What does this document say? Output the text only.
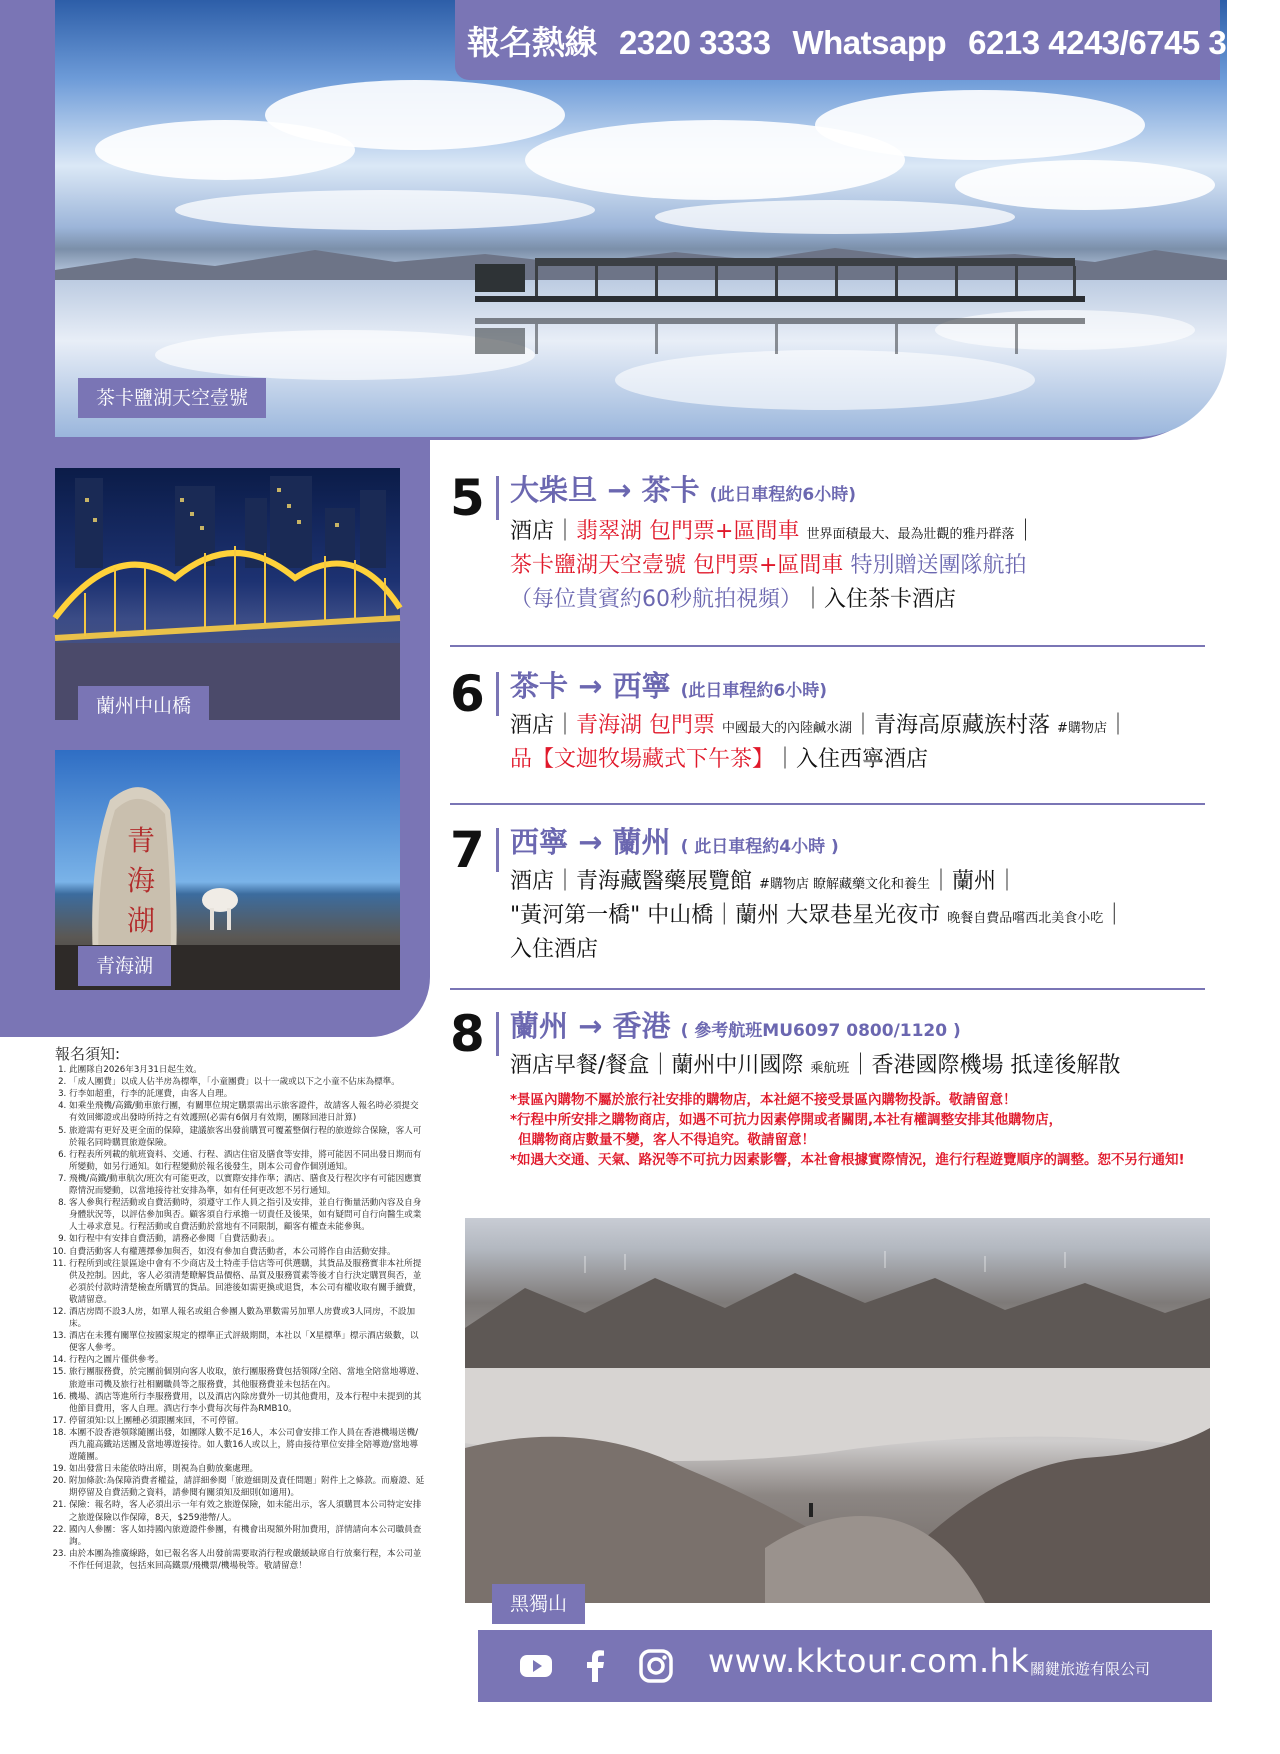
報名熱線 2320 3333 Whatsapp 6213 4243/6745 3024
茶卡鹽湖天空壹號
蘭州中山橋
青
海
湖
青海湖
5 大柴旦 → 茶卡 (此日車程約6小時)
酒店｜翡翠湖 包門票+區間車 世界面積最大、最為壯觀的雅丹群落｜
茶卡鹽湖天空壹號 包門票+區間車 特別贈送團隊航拍
（每位貴賓約60秒航拍視頻）｜入住茶卡酒店
6 茶卡 → 西寧 (此日車程約6小時)
酒店｜青海湖 包門票 中國最大的內陸鹹水湖｜青海高原藏族村落 #購物店｜
品【文迦牧場藏式下午茶】｜入住西寧酒店
7 西寧 → 蘭州 ( 此日車程約4小時 )
酒店｜青海藏醫藥展覽館 #購物店 瞭解藏藥文化和養生｜蘭州｜
"黃河第一橋" 中山橋｜蘭州 大眾巷星光夜市 晚餐自費品嚐西北美食小吃｜
入住酒店
8 蘭州 → 香港 ( 參考航班MU6097 0800/1120 )
酒店早餐/餐盒｜蘭州中川國際 乘航班｜香港國際機場 抵達後解散
*景區內購物不屬於旅行社安排的購物店，本社絕不接受景區內購物投訴。敬請留意！
*行程中所安排之購物商店，如遇不可抗力因素停開或者關閉,本社有權調整安排其他購物店，
但購物商店數量不變，客人不得追究。敬請留意！
*如遇大交通、天氣、路況等不可抗力因素影響，本社會根據實際情況，進行行程遊覽順序的調整。恕不另行通知!
報名須知:
1. 此團隊自2026年3月31日起生效。
2. 「成人團費」以成人佔半房為標準，「小童團費」以十一歲或以下之小童不佔床為標準。
3. 行李如超重，行李的託運費，由客人自理。
4. 如乘坐飛機/高鐵/動車旅行團，有關單位規定購票需出示旅客證件，故請客人報名時必須提交有效回鄉證或出發時所持之有效護照(必需有6個月有效期，團隊回港日計算)
5. 旅遊需有更好及更全面的保障，建議旅客出發前購買可覆蓋整個行程的旅遊綜合保險，客人可於報名同時購買旅遊保險。
6. 行程表所列載的航班資料、交通、行程、酒店住宿及膳食等安排，將可能因不同出發日期而有所變動，如另行通知。如行程變動於報名後發生，則本公司會作個別通知。
7. 飛機/高鐵/動車航次/班次有可能更改，以實際安排作準；酒店、膳食及行程次序有可能因應實際情況而變動，以當地接待社安排為準，如有任何更改恕不另行通知。
8. 客人參與行程活動或自費活動時，須遵守工作人員之指引及安排，並自行衡量活動內容及自身身體狀況等，以評估參加與否。顧客須自行承擔一切責任及後果，如有疑問可自行向醫生或業人士尋求意見。行程活動或自費活動於當地有不同限制，顧客有權查未能參與。
9. 如行程中有安排自費活動，請務必參閱「自費活動表」。
10. 自費活動客人有權選擇參加與否，如沒有參加自費活動者，本公司將作自由活動安排。
11. 行程所到或往景區途中會有不少商店及土特產手信店等可供選購，其貨品及服務實非本社所提供及控制。因此，客人必須清楚瞭解貨品價格、品質及服務質素等後才自行決定購買與否，並必須於付款時清楚檢查所購買的貨品。回港後如需更換或退貨，本公司有權收取有關手續費，敬請留意。
12. 酒店房間不設3人房，如單人報名或組合參團人數為單數需另加單人房費或3人同房，不設加床。
13. 酒店在未獲有關單位按國家規定的標準正式評級期間，本社以「X星標準」標示酒店級數，以便客人參考。
14. 行程內之圖片僅供參考。
15. 旅行團服務費，於完團前個別向客人收取，旅行團服務費包括領隊/全陪、當地全陪當地導遊、旅遊車司機及旅行社相關職員等之服務費，其他服務費並未包括在內。
16. 機場、酒店等進所行李服務費用，以及酒店內除房費外一切其他費用，及本行程中未提到的其他節目費用，客人自理。酒店行李小費每次每件為RMB10。
17. 停留須知:以上團種必須跟團來回，不可停留。
18. 本團不設香港領隊隨團出發，如團隊人數不足16人，本公司會安排工作人員在香港機場送機/西九龍高鐵站送團及當地導遊接待。如人數16人或以上，將由接待單位安排全陪導遊/當地導遊隨團。
19. 如出發當日未能依時出席，則視為自動放棄處理。
20. 附加條款:為保障消費者權益，請詳細參閱「旅遊細則及責任問題」附件上之條款。而廢證、延期停留及自費活動之資料，請參閱有關須知及細則(如適用)。
21. 保險：報名時，客人必須出示一年有效之旅遊保險，如未能出示，客人須購買本公司特定安排之旅遊保險以作保障，8天，$259港幣/人。
22. 國內人參團：客人如持國內旅遊證件參團，有機會出現額外附加費用，詳情請向本公司職員查詢。
23. 由於本團為推廣線路，如已報名客人出發前需要取消行程或嚴緩缺席自行放棄行程，本公司並不作任何退款，包括來回高鐵票/飛機票/機場稅等。敬請留意！
黑獨山
www.kktour.com.hk 關鍵旅遊有限公司
